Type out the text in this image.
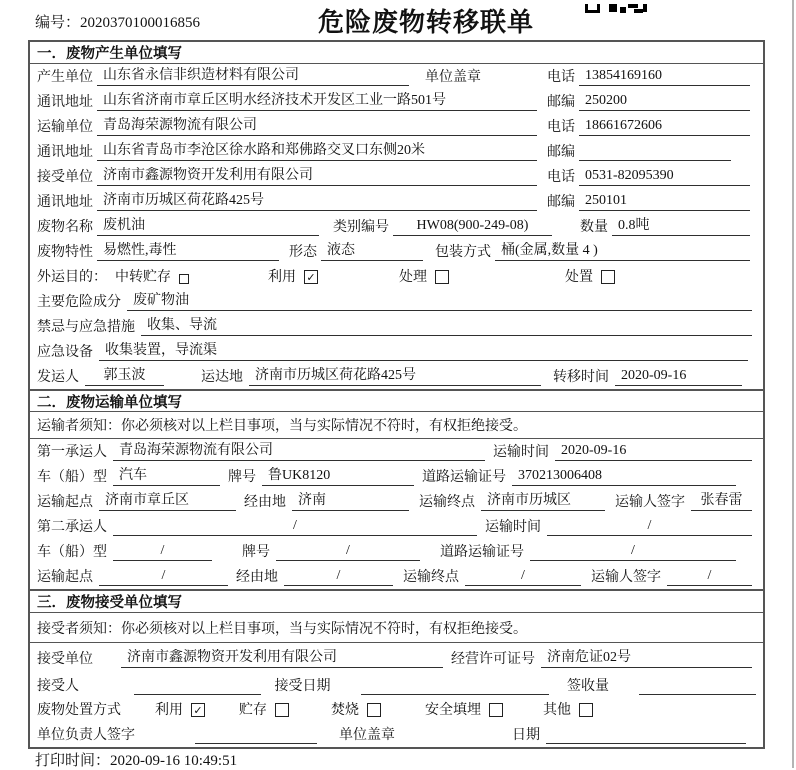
编号：2020370100016856	危险废物转移联单
一．废物产生单位填写
产生单位 山东省永信非织造材料有限公司	单位盖章	电话 13854169160
通讯地址 山东省济南市章丘区明水经济技术开发区工业一路501号	邮编 250200
运输单位 青岛海荣源物流有限公司	电话 18661672606
通讯地址 山东省青岛市李沧区徐水路和郑佛路交叉口东侧20米	邮编
接受单位 济南市鑫源物资开发利用有限公司	电话 0531-82095390
通讯地址 济南市历城区荷花路425号	邮编 250101
废物名称 废机油	类别编号	HW08(900-249-08)	数量 0.8吨
废物特性 易燃性,毒性	形态 液态	包装方式 桶(金属,数量 4 )
外运目的： 中转贮存	利用 ✓	处理	处置
主要危险成分 废矿物油
禁忌与应急措施 收集、导流
应急设备 收集装置，导流渠
发运人	郭玉波	运达地 济南市历城区荷花路425号	转移时间 2020-09-16
二．废物运输单位填写
运输者须知：你必须核对以上栏目事项，当与实际情况不符时，有权拒绝接受。
第一承运人 青岛海荣源物流有限公司	运输时间 2020-09-16
车（船）型 汽车	牌号 鲁UK8120	道路运输证号 370213006408
运输起点 济南市章丘区	经由地 济南	运输终点 济南市历城区	运输人签字	张春雷
第二承运人	/	运输时间	/
车（船）型	/	牌号	/	道路运输证号	/
运输起点	/	经由地	/	运输终点	/	运输人签字	/
三．废物接受单位填写
接受者须知：你必须核对以上栏目事项，当与实际情况不符时，有权拒绝接受。
接受单位	济南市鑫源物资开发利用有限公司	经营许可证号 济南危证02号
接受人	接受日期	签收量
废物处置方式 利用 ✓	贮存	焚烧	安全填埋	其他
单位负责人签字	单位盖章	日期
打印时间：2020-09-16 10:49:51
